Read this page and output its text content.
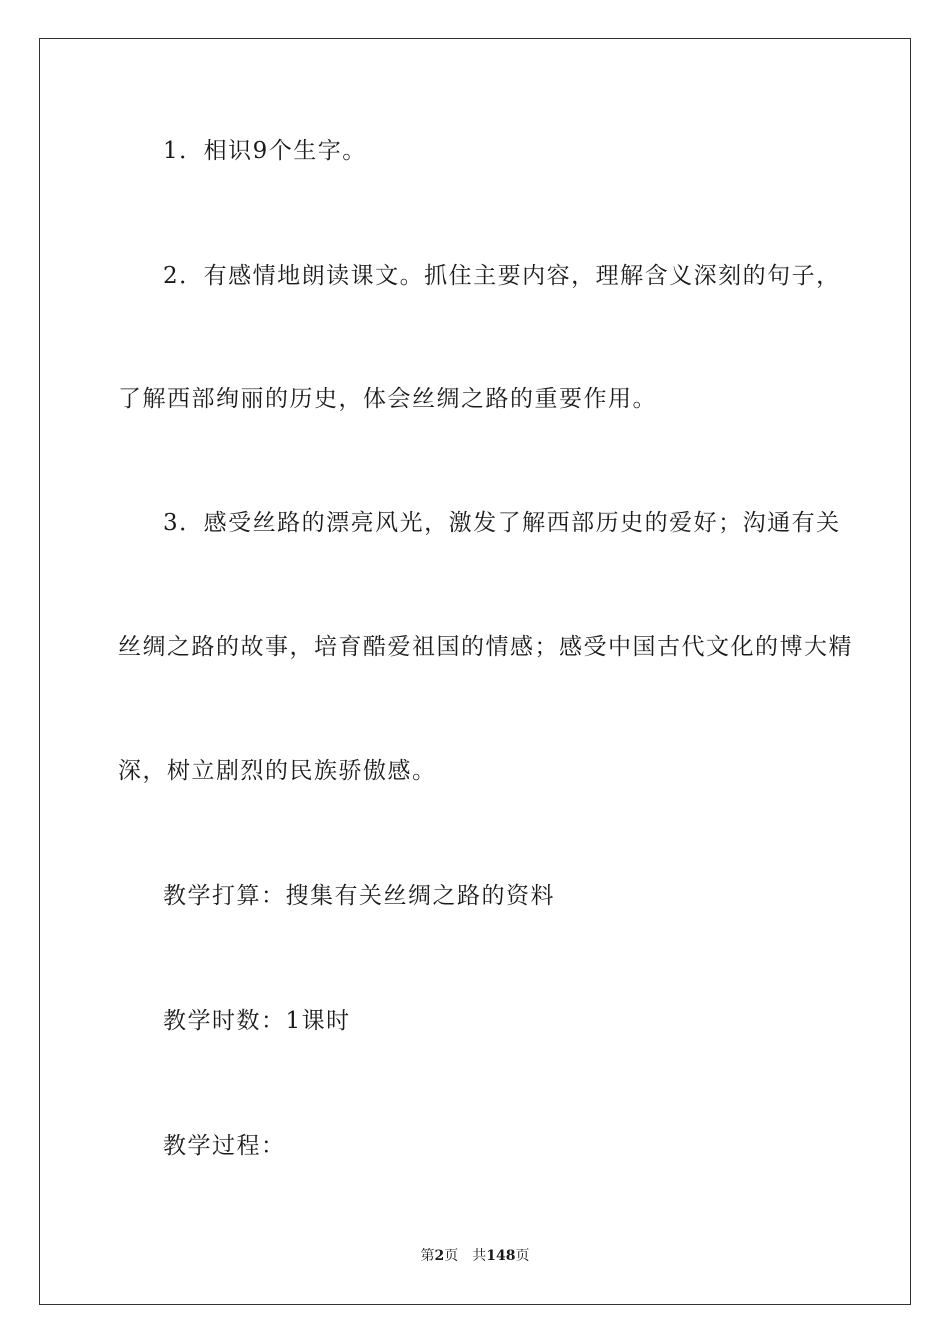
1．相识9个生字。
2．有感情地朗读课文。抓住主要内容，理解含义深刻的句子，
了解西部绚丽的历史，体会丝绸之路的重要作用。
3．感受丝路的漂亮风光，激发了解西部历史的爱好；沟通有关
丝绸之路的故事，培育酷爱祖国的情感；感受中国古代文化的博大精
深，树立剧烈的民族骄傲感。
教学打算：搜集有关丝绸之路的资料
教学时数：1课时
教学过程：
第2页 共148页
